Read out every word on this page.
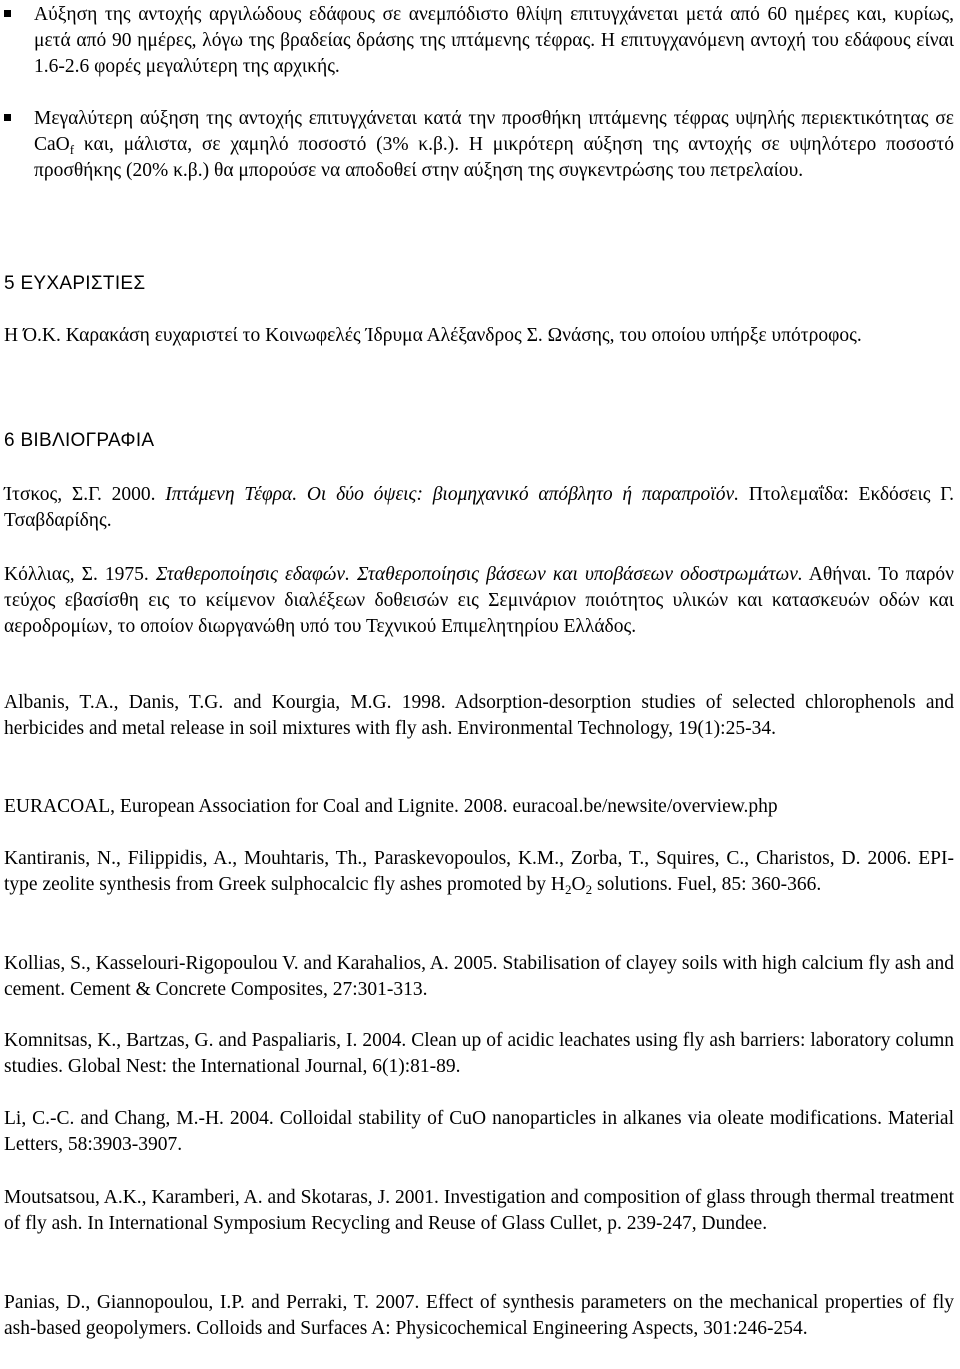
Αύξηση της αντοχής αργιλώδους εδάφους σε ανεμπόδιστο θλίψη επιτυγχάνεται μετά από 60 ημέρες και, κυρίως, μετά από 90 ημέρες, λόγω της βραδείας δράσης της ιπτάμενης τέφρας. Η επιτυγχανόμενη αντοχή του εδάφους είναι 1.6-2.6 φορές μεγαλύτερη της αρχικής.
Μεγαλύτερη αύξηση της αντοχής επιτυγχάνεται κατά την προσθήκη ιπτάμενης τέφρας υψηλής περιεκτικότητας σε CaO$_f$ και, μάλιστα, σε χαμηλό ποσοστό (3% κ.β.). Η μικρότερη αύξηση της αντοχής σε υψηλότερο ποσοστό προσθήκης (20% κ.β.) θα μπορούσε να αποδοθεί στην αύξηση της συγκεντρώσης του πετρελαίου.
5 ΕΥΧΑΡΙΣΤΙΕΣ
Η Ό.Κ. Καρακάση ευχαριστεί το Κοινωφελές Ίδρυμα Αλέξανδρος Σ. Ωνάσης, του οποίου υπήρξε υπότροφος.
6 ΒΙΒΛΙΟΓΡΑΦΙΑ
Ίτσκος, Σ.Γ. 2000. Ιπτάμενη Τέφρα. Οι δύο όψεις: βιομηχανικό απόβλητο ή παραπροϊόν. Πτολεμαΐδα: Εκδόσεις Γ. Τσαβδαρίδης.
Κόλλιας, Σ. 1975. Σταθεροποίησις εδαφών. Σταθεροποίησις βάσεων και υποβάσεων οδοστρωμάτων. Αθήναι. Το παρόν τεύχος εβασίσθη εις το κείμενον διαλέξεων δοθεισών εις Σεμινάριον ποιότητος υλικών και κατασκευών οδών και αεροδρομίων, το οποίον διωργανώθη υπό του Τεχνικού Επιμελητηρίου Ελλάδος.
Albanis, T.A., Danis, T.G. and Kourgia, M.G. 1998. Adsorption-desorption studies of selected chlorophenols and herbicides and metal release in soil mixtures with fly ash. Environmental Technology, 19(1):25-34.
EURACOAL, European Association for Coal and Lignite. 2008. euracoal.be/newsite/overview.php
Kantiranis, N., Filippidis, A., Mouhtaris, Th., Paraskevopoulos, K.M., Zorba, T., Squires, C., Charistos, D. 2006. EPI-type zeolite synthesis from Greek sulphocalcic fly ashes promoted by $H_2O_2$ solutions. Fuel, 85: 360-366.
Kollias, S., Kasselouri-Rigopoulou V. and Karahalios, A. 2005. Stabilisation of clayey soils with high calcium fly ash and cement. Cement & Concrete Composites, 27:301-313.
Komnitsas, K., Bartzas, G. and Paspaliaris, I. 2004. Clean up of acidic leachates using fly ash barriers: laboratory column studies. Global Nest: the International Journal, 6(1):81-89.
Li, C.-C. and Chang, M.-H. 2004. Colloidal stability of CuO nanoparticles in alkanes via oleate modifications. Material Letters, 58:3903-3907.
Moutsatsou, A.K., Karamberi, A. and Skotaras, J. 2001. Investigation and composition of glass through thermal treatment of fly ash. In International Symposium Recycling and Reuse of Glass Cullet, p. 239-247, Dundee.
Panias, D., Giannopoulou, I.P. and Perraki, T. 2007. Effect of synthesis parameters on the mechanical properties of fly ash-based geopolymers. Colloids and Surfaces A: Physicochemical Engineering Aspects, 301:246-254.
